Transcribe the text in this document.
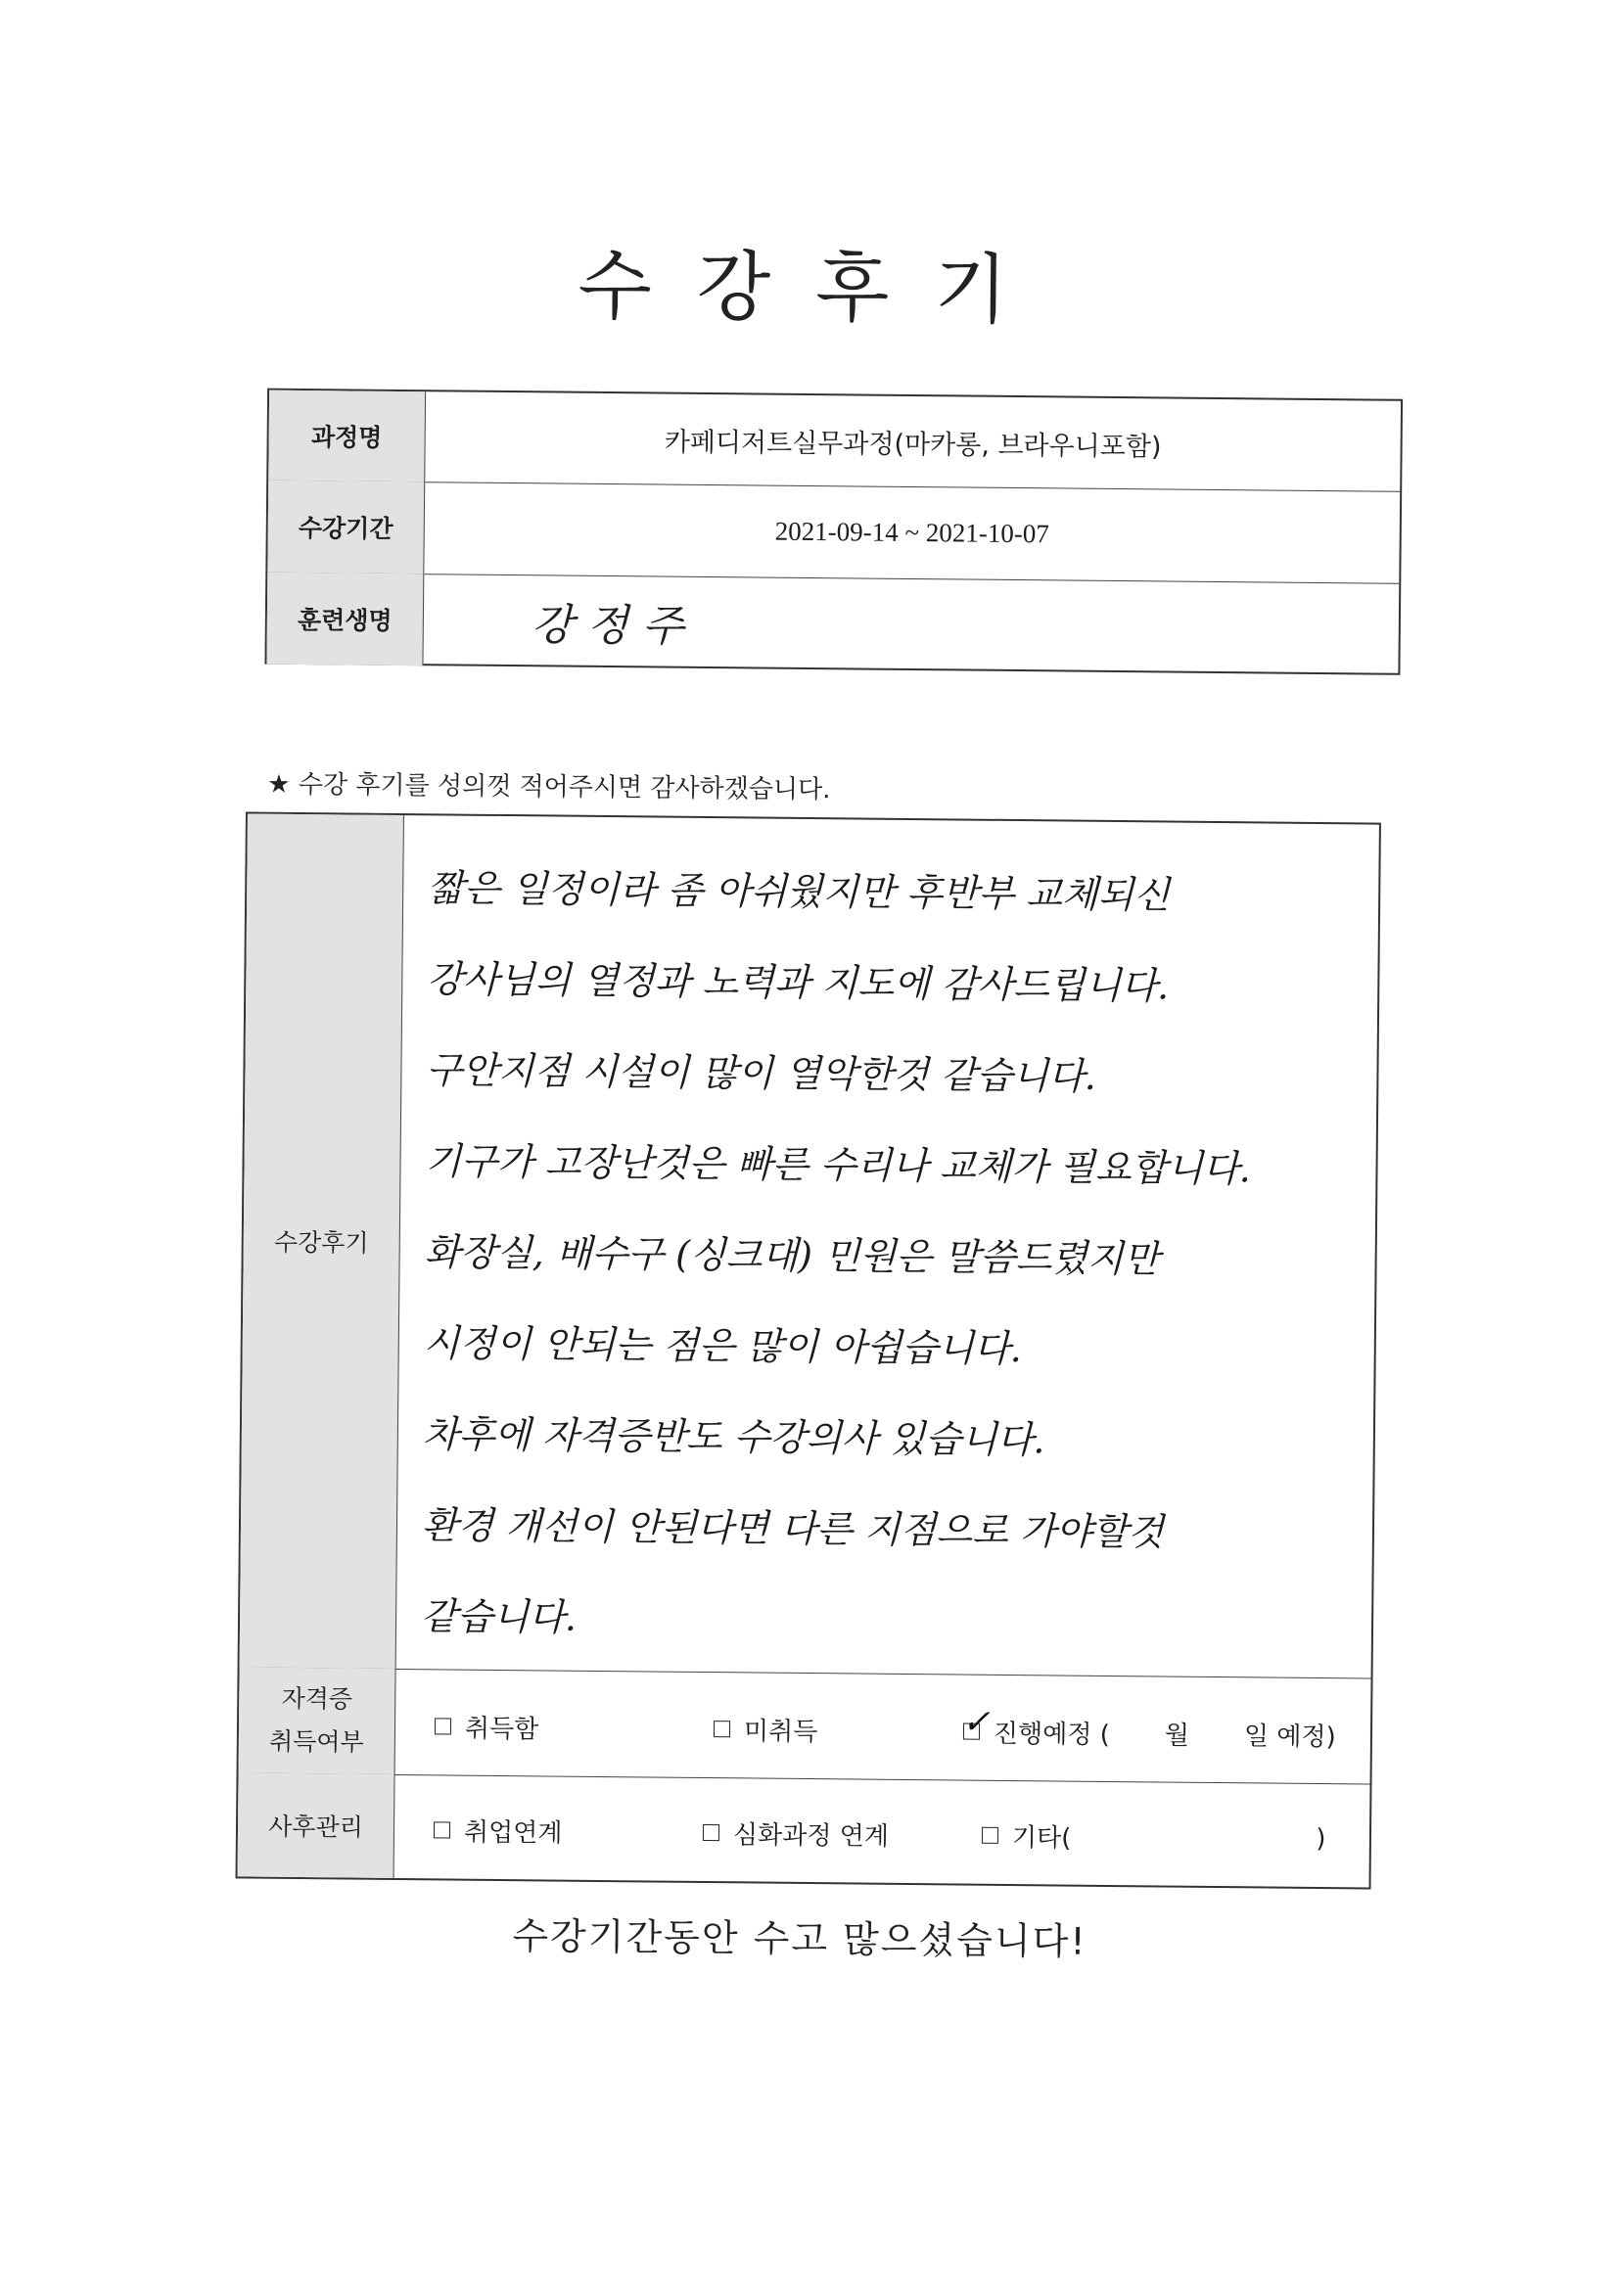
수강후기
과정명	카페디저트실무과정(마카롱, 브라우니포함)
수강기간	2021-09-14 ~ 2021-10-07
훈련생명	강정주
★ 수강 후기를 성의껏 적어주시면 감사하겠습니다.
수강후기
짧은 일정이라 좀 아쉬웠지만 후반부 교체되신
강사님의 열정과 노력과 지도에 감사드립니다.
구안지점 시설이 많이 열악한것 같습니다.
기구가 고장난것은 빠른 수리나 교체가 필요합니다.
화장실, 배수구 (싱크대) 민원은 말씀드렸지만
시정이 안되는 점은 많이 아쉽습니다.
차후에 자격증반도 수강의사 있습니다.
환경 개선이 안된다면 다른 지점으로 가야할것
같습니다.
자격증
취득여부	취득함	미취득	✓ 진행예정 ( 월 일 예정)
사후관리	취업연계	심화과정 연계	기타(	)
수강기간동안 수고 많으셨습니다!
